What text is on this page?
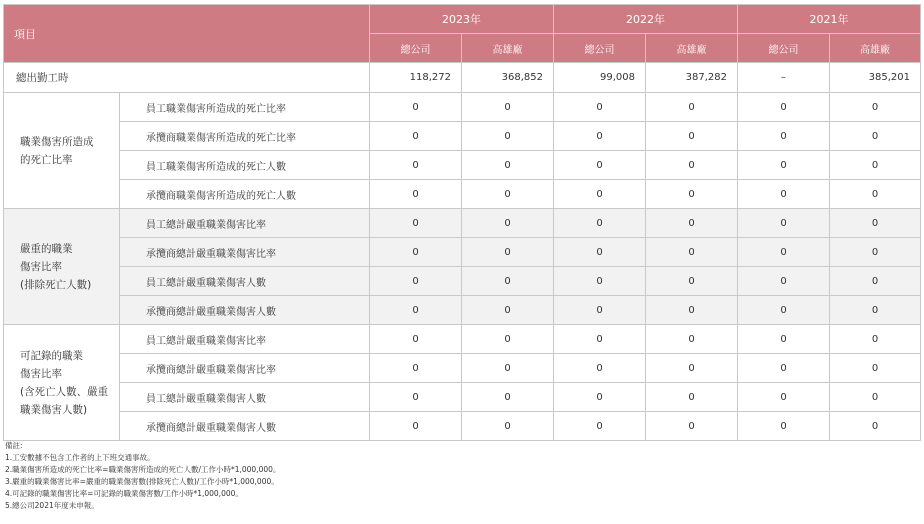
項目		2023年		2022年		2021年	
		總公司	高雄廠	總公司	高雄廠	總公司	高雄廠
總出勤工時		118,272	368,852	99,008	387,282	–	385,201

職業傷害所造成
的死亡比率	員工職業傷害所造成的死亡比率	0	0	0	0	0	0
	承攬商職業傷害所造成的死亡比率	0	0	0	0	0	0
	員工職業傷害所造成的死亡人數	0	0	0	0	0	0
	承攬商職業傷害所造成的死亡人數	0	0	0	0	0	0

嚴重的職業
傷害比率
(排除死亡人數)	員工總計嚴重職業傷害比率	0	0	0	0	0	0
	承攬商總計嚴重職業傷害比率	0	0	0	0	0	0
	員工總計嚴重職業傷害人數	0	0	0	0	0	0
	承攬商總計嚴重職業傷害人數	0	0	0	0	0	0

可記錄的職業
傷害比率
(含死亡人數、嚴重
職業傷害人數)	員工總計嚴重職業傷害比率	0	0	0	0	0	0
	承攬商總計嚴重職業傷害比率	0	0	0	0	0	0
	員工總計嚴重職業傷害人數	0	0	0	0	0	0
	承攬商總計嚴重職業傷害人數	0	0	0	0	0	0
備註:
1.工安數據不包含工作者的上下班交通事故。
2.職業傷害所造成的死亡比率=職業傷害所造成的死亡人數/工作小時*1,000,000。
3.嚴重的職業傷害比率=嚴重的職業傷害數(排除死亡人數)/工作小時*1,000,000。
4.可記錄的職業傷害比率=可記錄的職業傷害數/工作小時*1,000,000。
5.總公司2021年度未申報。
